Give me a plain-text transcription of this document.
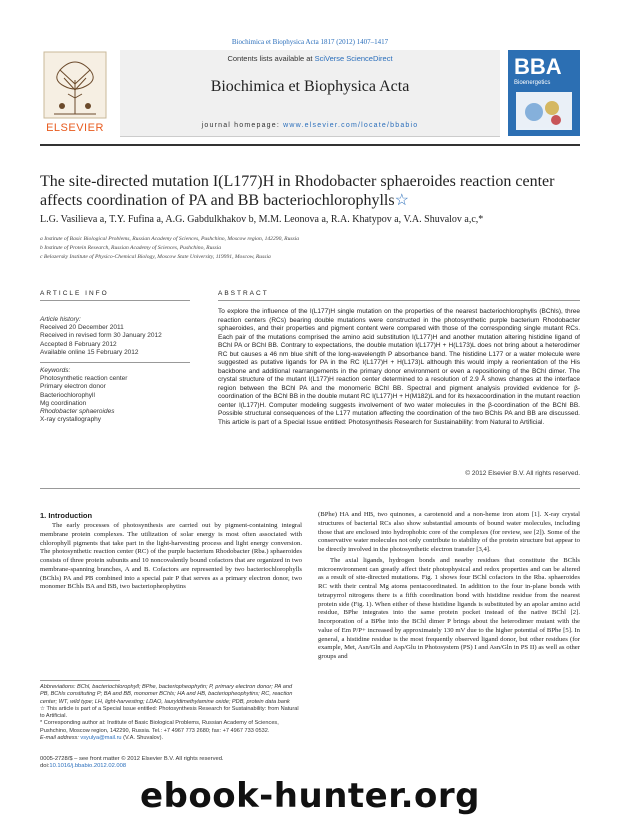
Biochimica et Biophysica Acta 1817 (2012) 1407–1417
ELSEVIER
Contents lists available at SciVerse ScienceDirect
Biochimica et Biophysica Acta
journal homepage: www.elsevier.com/locate/bbabio
BBA
Bioenergetics
The site-directed mutation I(L177)H in Rhodobacter sphaeroides reaction center affects coordination of PA and BB bacteriochlorophylls☆
L.G. Vasilieva a, T.Y. Fufina a, A.G. Gabdulkhakov b, M.M. Leonova a, R.A. Khatypov a, V.A. Shuvalov a,c,*
a Institute of Basic Biological Problems, Russian Academy of Sciences, Pushchino, Moscow region, 142290, Russia
b Institute of Protein Research, Russian Academy of Sciences, Pushchino, Russia
c Belozersky Institute of Physico-Chemical Biology, Moscow State University, 119991, Moscow, Russia
ARTICLE INFO
Article history:
Received 20 December 2011
Received in revised form 30 January 2012
Accepted 8 February 2012
Available online 15 February 2012
Keywords:
Photosynthetic reaction center
Primary electron donor
Bacteriochlorophyll
Mg coordination
Rhodobacter sphaeroides
X-ray crystallography
ABSTRACT
To explore the influence of the I(L177)H single mutation on the properties of the nearest bacteriochlorophylls (BChls), three reaction centers (RCs) bearing double mutations were constructed in the photosynthetic purple bacterium Rhodobacter sphaeroides, and their properties and pigment content were compared with those of the corresponding single mutant RCs. Each pair of the mutations comprised the amino acid substitution I(L177)H and another mutation altering histidine ligand of BChl PA or BChl BB. Contrary to expectations, the double mutation I(L177)H + H(L173)L does not bring about a heterodimer RC but causes a 46 nm blue shift of the long-wavelength P absorbance band. The histidine L177 or a water molecule were suggested as putative ligands for PA in the RC I(L177)H + H(L173)L although this would imply a reorientation of the His backbone and additional rearrangements in the primary donor environment or even a repositioning of the BChl dimer. The crystal structure of the mutant I(L177)H reaction center determined to a resolution of 2.9 Å shows changes at the interface region between the BChl PA and the monomeric BChl BB. Spectral and pigment analysis provided evidence for β-coordination of the BChl BB in the double mutant RC I(L177)H + H(M182)L and for its hexacoordination in the mutant reaction center I(L177)H. Computer modeling suggests involvement of two water molecules in the β-coordination of the BChl BB. Possible structural consequences of the L177 mutation affecting the coordination of the two BChls PA and BB are discussed. This article is part of a Special Issue entitled: Photosynthesis Research for Sustainability: from Natural to Artificial.
© 2012 Elsevier B.V. All rights reserved.
1. Introduction
The early processes of photosynthesis are carried out by pigment-containing integral membrane protein complexes. The utilization of solar energy is most often associated with chlorophyll pigments that take part in the light-harvesting process and light energy conversion. The photosynthetic reaction center (RC) of the purple bacterium Rhodobacter (Rba.) sphaeroides consists of three protein subunits and 10 noncovalently bound cofactors that are organized in two membrane-spanning branches, A and B. Cofactors are represented by two bacteriochlorophylls (BChls) PA and PB combined into a special pair P that serves as a primary electron donor, two monomer BChls BA and BB, two bacteriopheophytins
(BPhe) HA and HB, two quinones, a carotenoid and a non-heme iron atom [1]. X-ray crystal structures of bacterial RCs also show substantial amounts of bound water molecules, including those that are enclosed into hydrophobic core of the complexes (for review, see [2]). Some of the conservative water molecules not only contribute to stability of the protein structure but appear to be directly involved in the photosynthetic electron transfer [3,4].
The axial ligands, hydrogen bonds and nearby residues that constitute the BChls microenvironment can greatly affect their photophysical and redox properties and can be altered as a result of site-directed mutations. Fig. 1 shows four BChl cofactors in the Rba. sphaeroides RC with their central Mg atoms pentacoordinated. In addition to the four in-plane bonds with tetrapyrrol nitrogens there is a fifth coordination bond with histidine residue from the nearest protein side (Fig. 1). When either of these histidine ligands is substituted by an apolar amino acid residue, BPhe integrates into the same protein pocket instead of the native BChl [2]. Incorporation of a BPhe into the BChl dimer P brings about the heterodimer mutant with the value of Em P/P+ increased by approximately 130 mV due to the higher potential of BPhe [5]. In general, a histidine residue is the most frequently observed ligand donor, but other residues (for example, Met, Asn/Gln and Asp/Glu in Photosystem (PS) I and Asn/Gln in PS II) as well as other groups and
Abbreviations: BChl, bacteriochlorophyll; BPhe, bacteriopheophytin; P, primary electron donor; PA and PB, BChls constituting P; BA and BB, monomer BChls; HA and HB, bacteriopheophytins; RC, reaction center; WT, wild type; LH, light-harvesting; LDAO, lauryldimethylamine oxide; PDB, protein data bank
☆ This article is part of a Special Issue entitled: Photosynthesis Research for Sustainability: from Natural to Artificial.
* Corresponding author at: Institute of Basic Biological Problems, Russian Academy of Sciences, Pushchino, Moscow region, 142290, Russia. Tel.: +7 4967 773 2680; fax: +7 4967 733 0532.
E-mail address: vsyulya@mail.ru (V.A. Shuvalov).
0005-2728/$ – see front matter © 2012 Elsevier B.V. All rights reserved.
doi:10.1016/j.bbabio.2012.02.008
ebook-hunter.org
